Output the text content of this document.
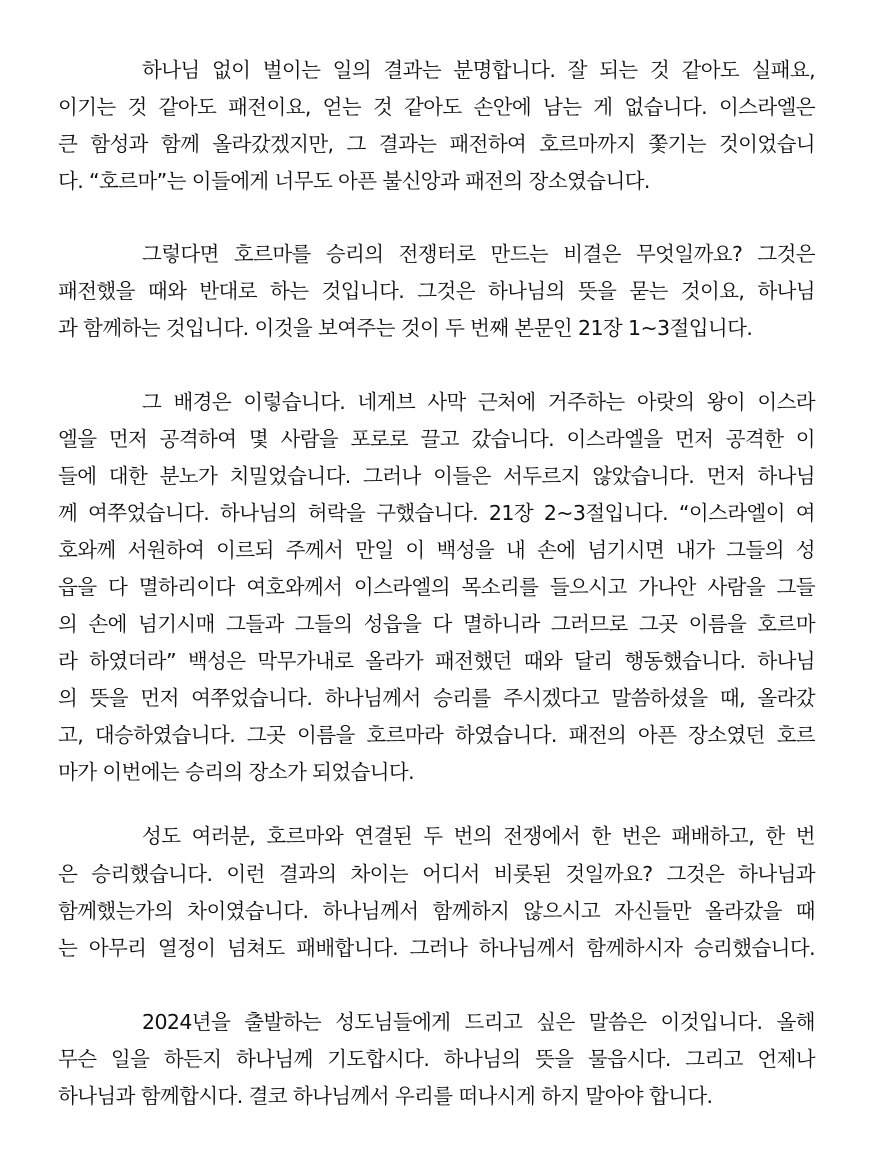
하나님 없이 벌이는 일의 결과는 분명합니다. 잘 되는 것 같아도 실패요,
이기는 것 같아도 패전이요, 얻는 것 같아도 손안에 남는 게 없습니다. 이스라엘은
큰 함성과 함께 올라갔겠지만, 그 결과는 패전하여 호르마까지 쫓기는 것이었습니
다. “호르마”는 이들에게 너무도 아픈 불신앙과 패전의 장소였습니다.
그렇다면 호르마를 승리의 전쟁터로 만드는 비결은 무엇일까요? 그것은
패전했을 때와 반대로 하는 것입니다. 그것은 하나님의 뜻을 묻는 것이요, 하나님
과 함께하는 것입니다. 이것을 보여주는 것이 두 번째 본문인 21장 1~3절입니다.
그 배경은 이렇습니다. 네게브 사막 근처에 거주하는 아랏의 왕이 이스라
엘을 먼저 공격하여 몇 사람을 포로로 끌고 갔습니다. 이스라엘을 먼저 공격한 이
들에 대한 분노가 치밀었습니다. 그러나 이들은 서두르지 않았습니다. 먼저 하나님
께 여쭈었습니다. 하나님의 허락을 구했습니다. 21장 2~3절입니다. “이스라엘이 여
호와께 서원하여 이르되 주께서 만일 이 백성을 내 손에 넘기시면 내가 그들의 성
읍을 다 멸하리이다 여호와께서 이스라엘의 목소리를 들으시고 가나안 사람을 그들
의 손에 넘기시매 그들과 그들의 성읍을 다 멸하니라 그러므로 그곳 이름을 호르마
라 하였더라” 백성은 막무가내로 올라가 패전했던 때와 달리 행동했습니다. 하나님
의 뜻을 먼저 여쭈었습니다. 하나님께서 승리를 주시겠다고 말씀하셨을 때, 올라갔
고, 대승하였습니다. 그곳 이름을 호르마라 하였습니다. 패전의 아픈 장소였던 호르
마가 이번에는 승리의 장소가 되었습니다.
성도 여러분, 호르마와 연결된 두 번의 전쟁에서 한 번은 패배하고, 한 번
은 승리했습니다. 이런 결과의 차이는 어디서 비롯된 것일까요? 그것은 하나님과
함께했는가의 차이였습니다. 하나님께서 함께하지 않으시고 자신들만 올라갔을 때
는 아무리 열정이 넘쳐도 패배합니다. 그러나 하나님께서 함께하시자 승리했습니다.
2024년을 출발하는 성도님들에게 드리고 싶은 말씀은 이것입니다. 올해
무슨 일을 하든지 하나님께 기도합시다. 하나님의 뜻을 물읍시다. 그리고 언제나
하나님과 함께합시다. 결코 하나님께서 우리를 떠나시게 하지 말아야 합니다.
